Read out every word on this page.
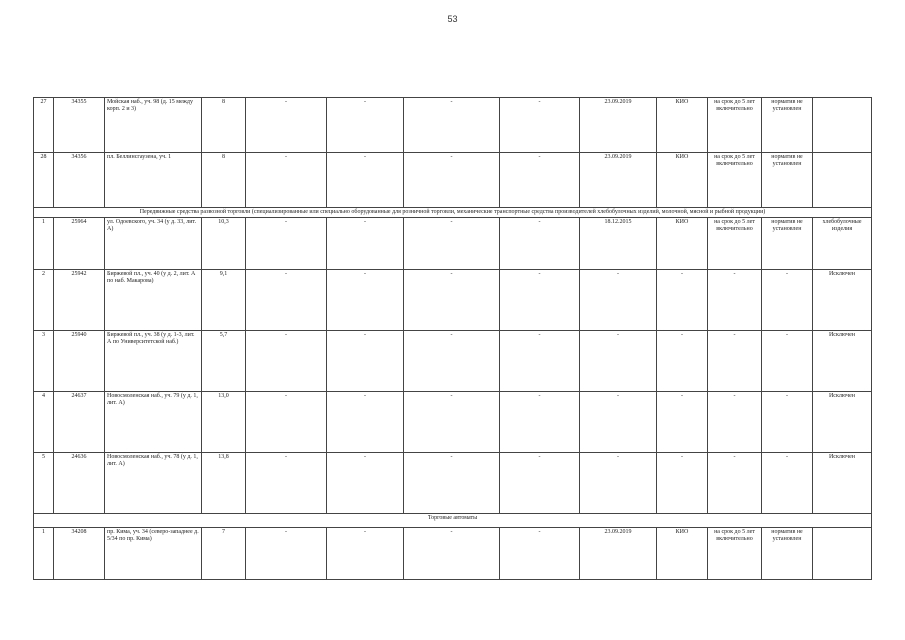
53
27	34355	Мойская наб., уч. 98 (д. 15 между корп. 2 и 3)	8	-	-	-	-	23.09.2019	КИО	на срок до 5 лет включительно	норматив не установлен	
28	34356	пл. Беллинсгаузена, уч. 1	8	-	-	-	-	23.09.2019	КИО	на срок до 5 лет включительно	норматив не установлен	
Передвижные средства развозной торговли (специализированные или специально оборудованные для розничной торговли, механические транспортные средства производителей хлебобулочных изделий, молочной, мясной и рыбной продукции)												
1	25964	ул. Одоевского, уч. 34 (у д. 33, лит. А)	10,3	-	-	-	-	18.12.2015	КИО	на срок до 5 лет включительно	норматив не установлен	хлебобулочные изделия
2	25942	Биржевой пл., уч. 40 (у д. 2, лит. А по наб. Макарова)	9,1	-	-	-	-	-	-	-	-	Исключен
3	25940	Биржевой пл., уч. 38 (у д. 1-3, лит. А по Университетской наб.)	5,7	-	-	-	-	-	-	-	-	Исключен
4	24637	Новосмоленская наб., уч. 79 (у д. 1, лит. А)	13,0	-	-	-	-	-	-	-	-	Исключен
5	24636	Новосмоленская наб., уч. 78 (у д. 1, лит. А)	13,8	-	-	-	-	-	-	-	-	Исключен
Торговые автоматы												
1	34208	пр. Кима, уч. 34 (северо-западнее д. 5/34 по пр. Кима)	7	-	-	-	-	23.09.2019	КИО	на срок до 5 лет включительно	норматив не установлен	
